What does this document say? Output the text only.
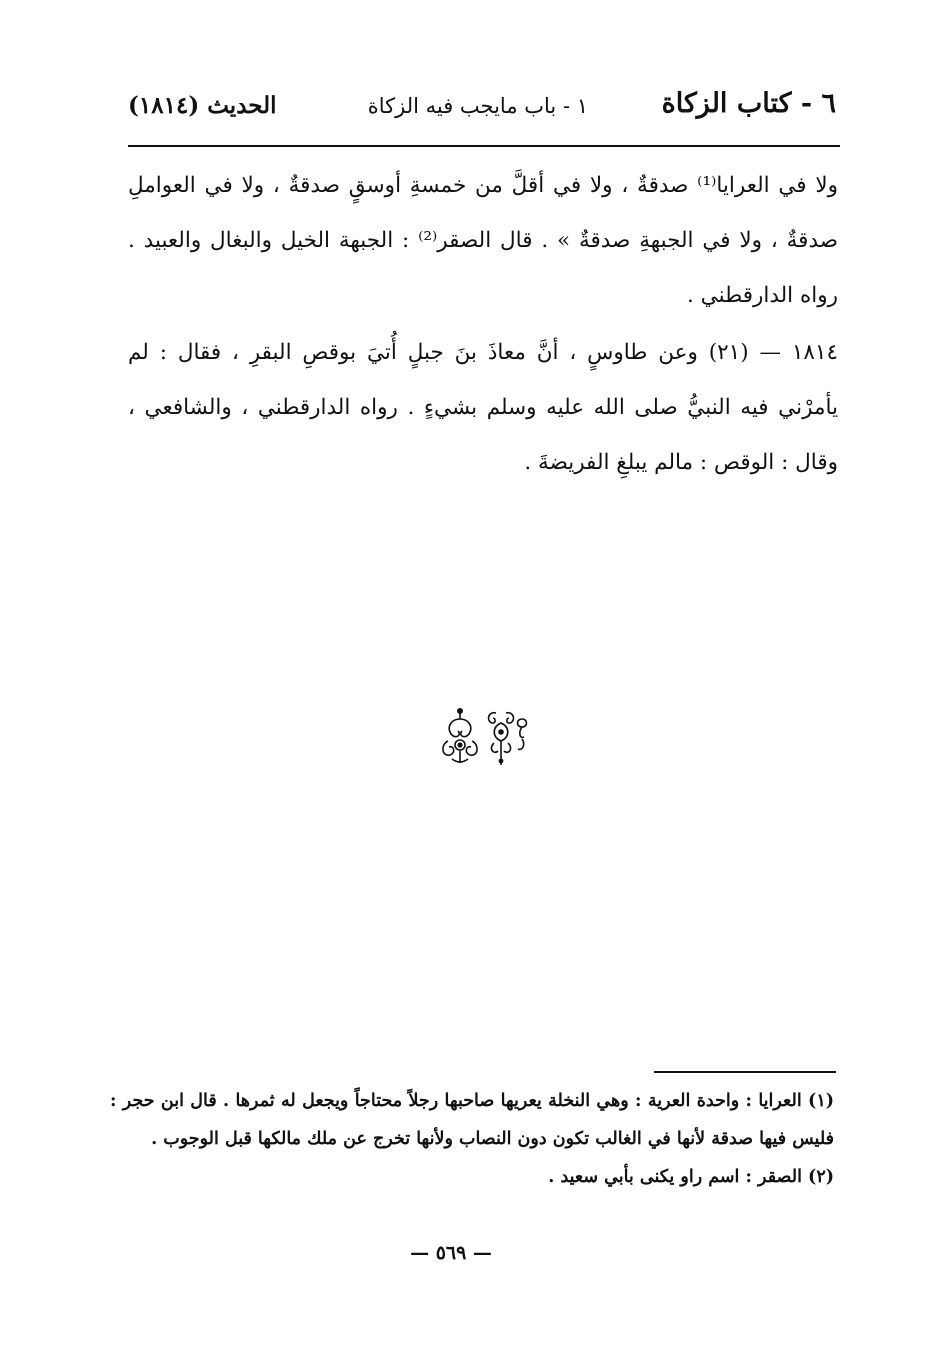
٦ - كتاب الزكاة
١ - باب مايجب فيه الزكاة
الحديث (١٨١٤)

ولا في العرايا⁽¹⁾ صدقةٌ ، ولا في أقلَّ من خمسةِ أوسقٍ صدقةٌ ، ولا في العواملِ صدقةٌ ، ولا في الجبهةِ صدقةٌ » . قال الصقر⁽²⁾ : الجبهة الخيل والبغال والعبيد . رواه الدارقطني .

١٨١٤ — (٢١) وعن طاوسٍ ، أنَّ معاذَ بنَ جبلٍ أُتيَ بوقصِ البقرِ ، فقال : لم يأمرْني فيه النبيُّ صلى الله عليه وسلم بشيءٍ . رواه الدارقطني ، والشافعي ، وقال : الوقص : مالم يبلغِ الفريضةَ .

(١) العرايا : واحدة العرية : وهي النخلة يعريها صاحبها رجلاً محتاجاً ويجعل له ثمرها . قال ابن حجر : فليس فيها صدقة لأنها في الغالب تكون دون النصاب ولأنها تخرج عن ملك مالكها قبل الوجوب .

(٢) الصقر : اسم راو يكنى بأبي سعيد .

— ٥٦٩ —
